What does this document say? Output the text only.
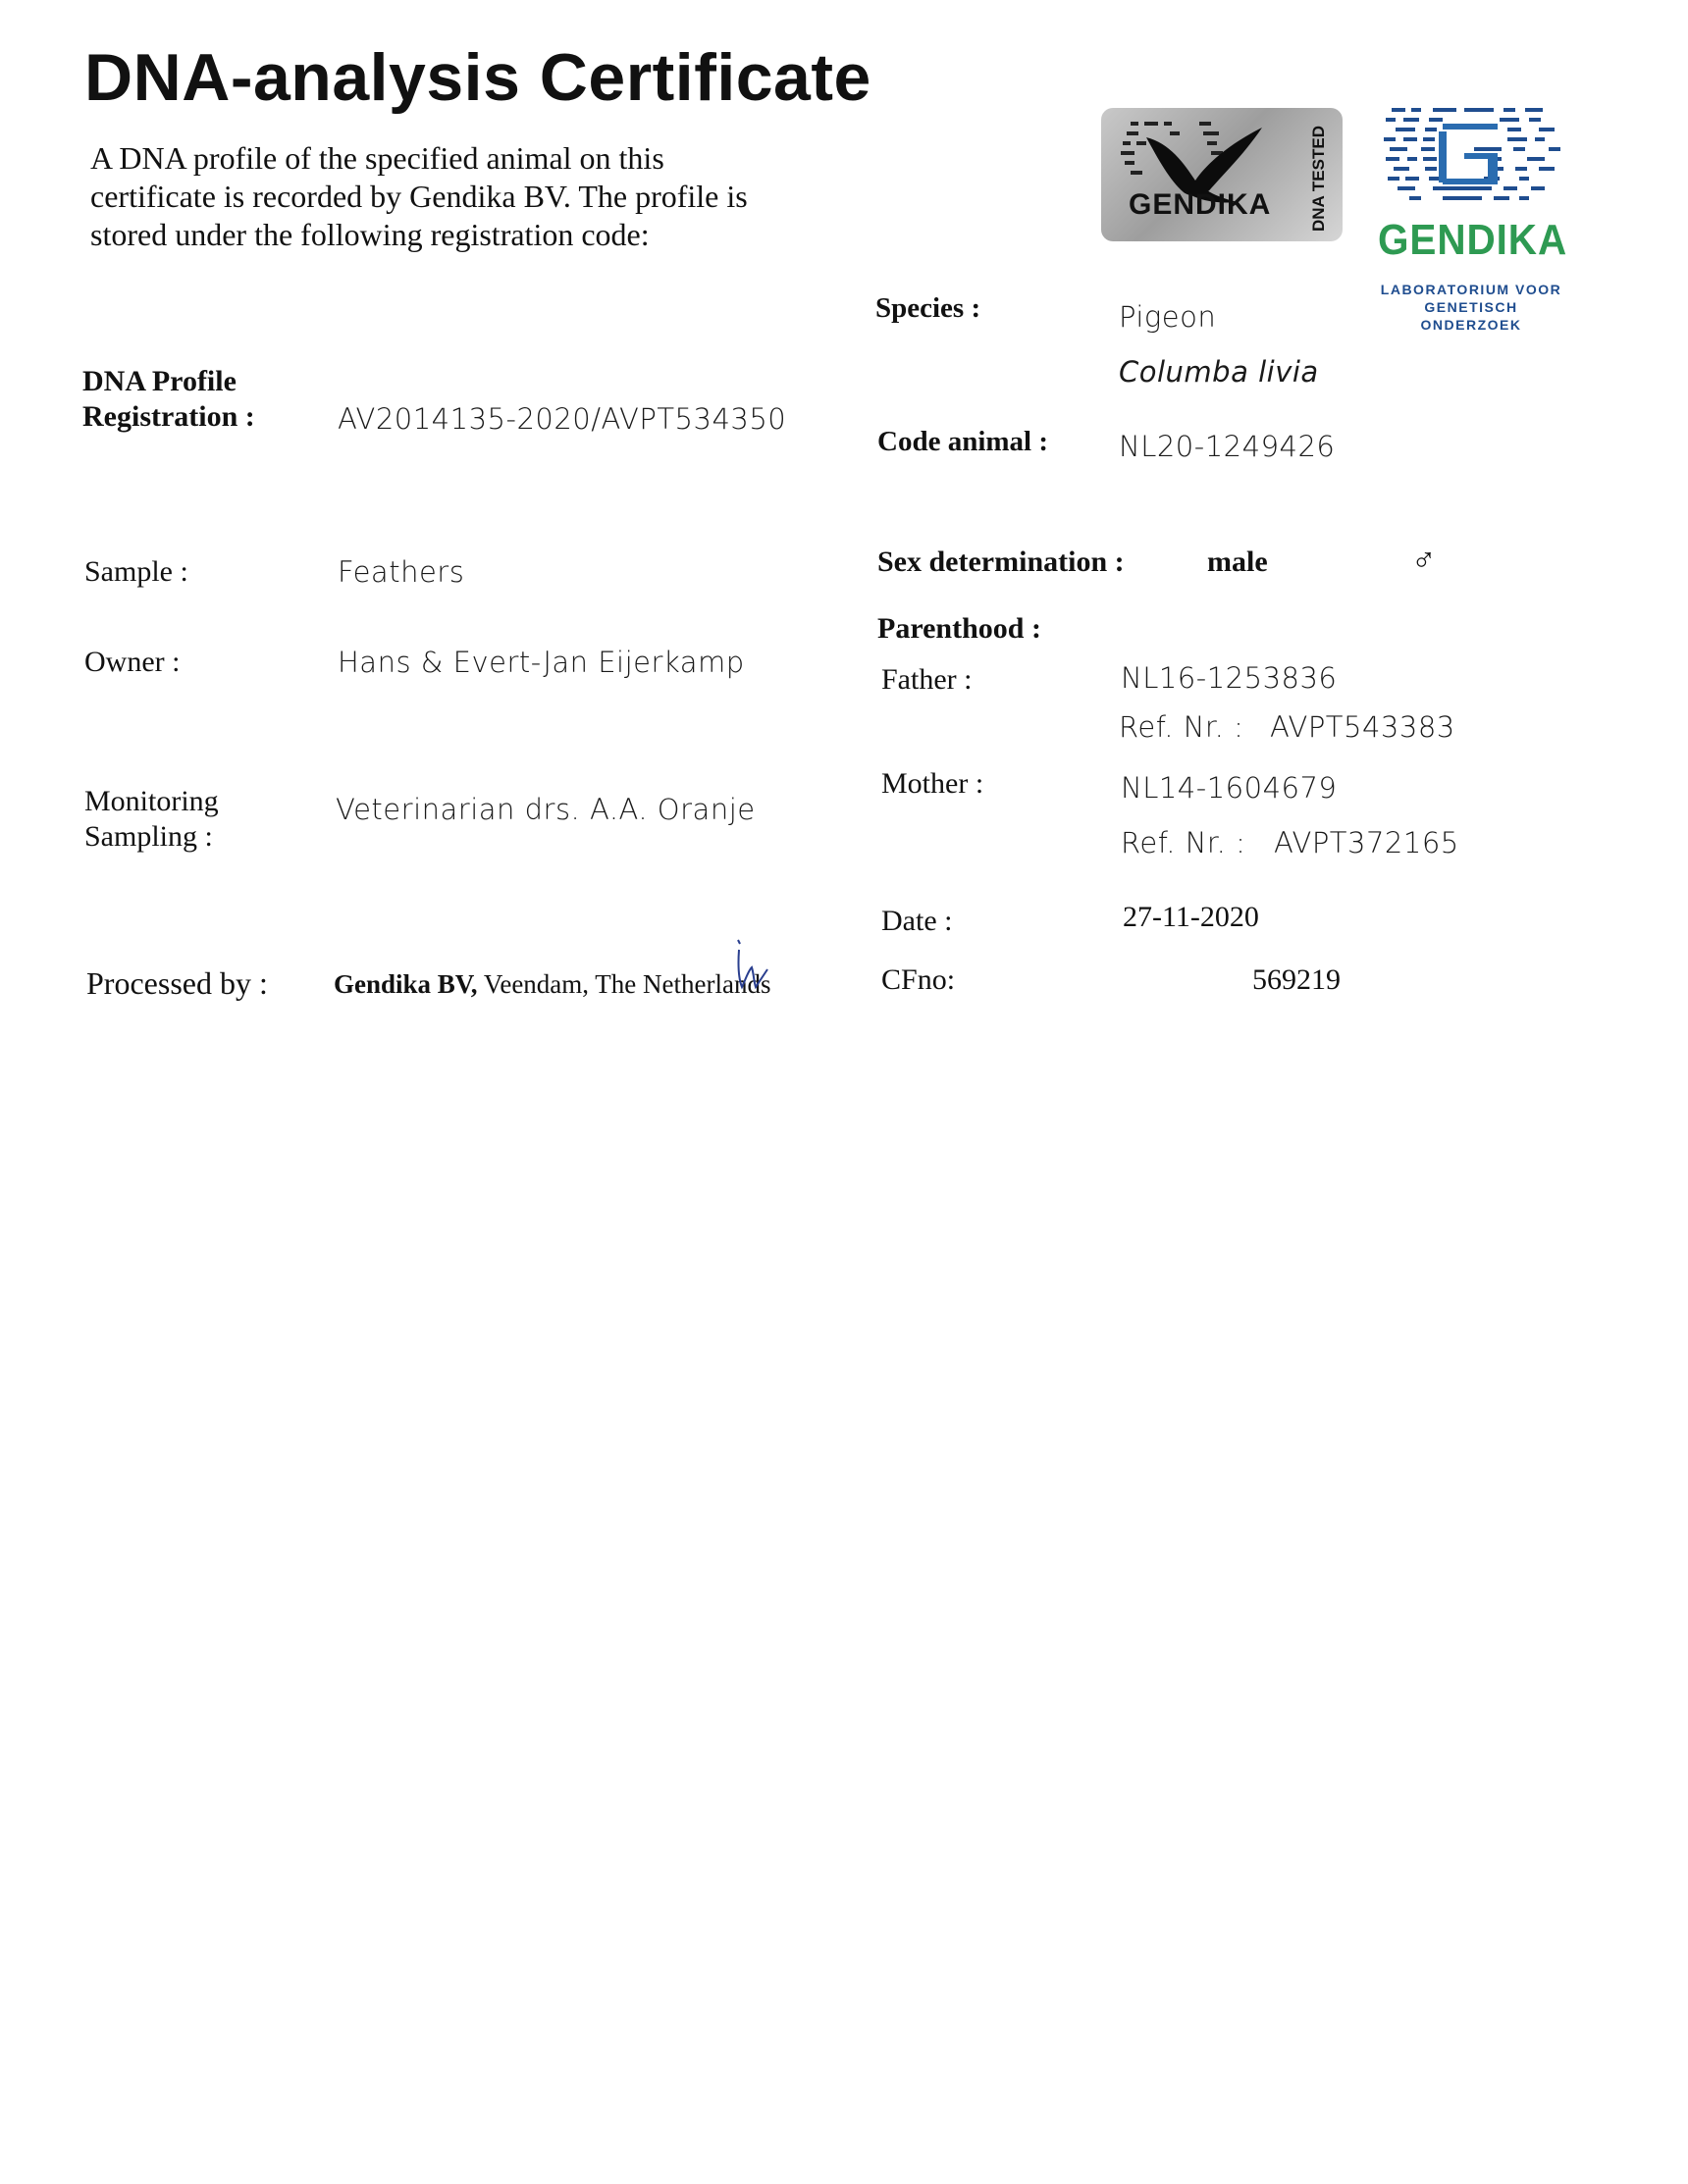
DNA-analysis Certificate
A DNA profile of the specified animal on this certificate is recorded by Gendika BV. The profile is stored under the following registration code:
GENDIKA DNA TESTED
GENDIKA
LABORATORIUM VOOR GENETISCH ONDERZOEK
DNA Profile
Registration :	AV2014135-2020/AVPT534350
Sample :	Feathers
Owner :	Hans & Evert-Jan Eijerkamp
Monitoring
Sampling :
Veterinarian drs. A.A. Oranje
Processed by : Gendika BV, Veendam, The Netherlands
Species :	Pigeon
Columba livia
Code animal : NL20-1249426
Sex determination :	male	♂
Parenthood :
Father :	NL16-1253836
Ref. Nr. : AVPT543383
Mother :	NL14-1604679
Ref. Nr. : AVPT372165
Date :	27-11-2020
CFno:	569219
